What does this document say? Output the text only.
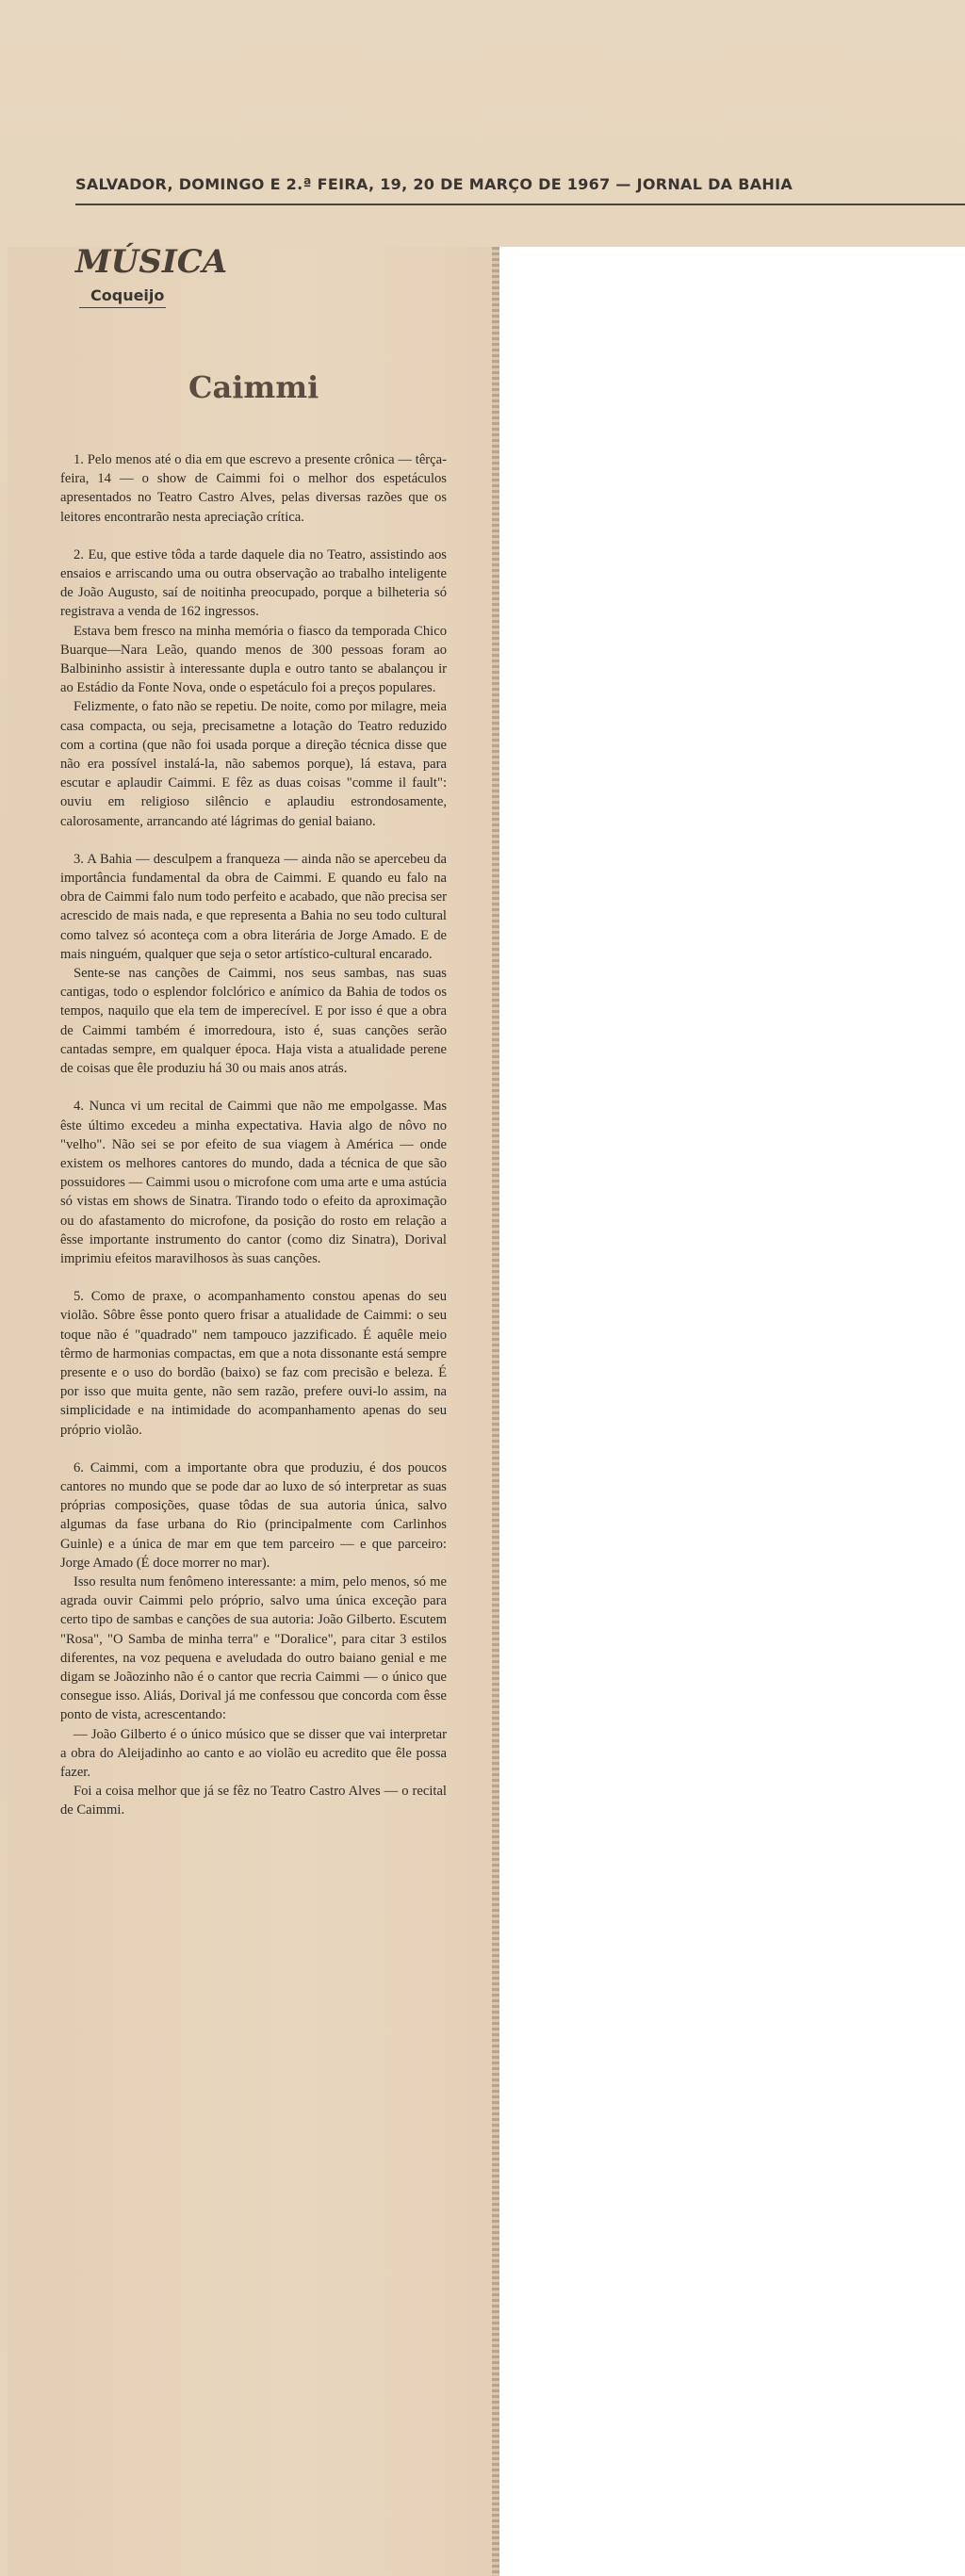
SALVADOR, DOMINGO E 2.ª FEIRA, 19, 20 DE MARÇO DE 1967 — JORNAL DA BAHIA
MÚSICA
Coqueijo
Caimmi

1. Pelo menos até o dia em que escrevo a presente crônica — têrça-feira, 14 — o show de Caimmi foi o melhor dos espetáculos apresentados no Teatro Castro Alves, pelas diversas razões que os leitores encontrarão nesta apreciação crítica.

2. Eu, que estive tôda a tarde daquele dia no Teatro, assistindo aos ensaios e arriscando uma ou outra observação ao trabalho inteligente de João Augusto, saí de noitinha preocupado, porque a bilheteria só registrava a venda de 162 ingressos.

Estava bem fresco na minha memória o fiasco da temporada Chico Buarque—Nara Leão, quando menos de 300 pessoas foram ao Balbininho assistir à interessante dupla e outro tanto se abalançou ir ao Estádio da Fonte Nova, onde o espetáculo foi a preços populares.

Felizmente, o fato não se repetiu. De noite, como por milagre, meia casa compacta, ou seja, precisametne a lotação do Teatro reduzido com a cortina (que não foi usada porque a direção técnica disse que não era possível instalá-la, não sabemos porque), lá estava, para escutar e aplaudir Caimmi. E fêz as duas coisas "comme il fault": ouviu em religioso silêncio e aplaudiu estrondosamente, calorosamente, arrancando até lágrimas do genial baiano.

3. A Bahia — desculpem a franqueza — ainda não se apercebeu da importância fundamental da obra de Caimmi. E quando eu falo na obra de Caimmi falo num todo perfeito e acabado, que não precisa ser acrescido de mais nada, e que representa a Bahia no seu todo cultural como talvez só aconteça com a obra literária de Jorge Amado. E de mais ninguém, qualquer que seja o setor artístico-cultural encarado.

Sente-se nas canções de Caimmi, nos seus sambas, nas suas cantigas, todo o esplendor folclórico e anímico da Bahia de todos os tempos, naquilo que ela tem de imperecível. E por isso é que a obra de Caimmi também é imorredoura, isto é, suas canções serão cantadas sempre, em qualquer época. Haja vista a atualidade perene de coisas que êle produziu há 30 ou mais anos atrás.

4. Nunca vi um recital de Caimmi que não me empolgasse. Mas êste último excedeu a minha expectativa. Havia algo de nôvo no "velho". Não sei se por efeito de sua viagem à América — onde existem os melhores cantores do mundo, dada a técnica de que são possuidores — Caimmi usou o microfone com uma arte e uma astúcia só vistas em shows de Sinatra. Tirando todo o efeito da aproximação ou do afastamento do microfone, da posição do rosto em relação a êsse importante instrumento do cantor (como diz Sinatra), Dorival imprimiu efeitos maravilhosos às suas canções.

5. Como de praxe, o acompanhamento constou apenas do seu violão. Sôbre êsse ponto quero frisar a atualidade de Caimmi: o seu toque não é "quadrado" nem tampouco jazzificado. É aquêle meio têrmo de harmonias compactas, em que a nota dissonante está sempre presente e o uso do bordão (baixo) se faz com precisão e beleza. É por isso que muita gente, não sem razão, prefere ouvi-lo assim, na simplicidade e na intimidade do acompanhamento apenas do seu próprio violão.

6. Caimmi, com a importante obra que produziu, é dos poucos cantores no mundo que se pode dar ao luxo de só interpretar as suas próprias composições, quase tôdas de sua autoria única, salvo algumas da fase urbana do Rio (principalmente com Carlinhos Guinle) e a única de mar em que tem parceiro — e que parceiro: Jorge Amado (É doce morrer no mar).

Isso resulta num fenômeno interessante: a mim, pelo menos, só me agrada ouvir Caimmi pelo próprio, salvo uma única exceção para certo tipo de sambas e canções de sua autoria: João Gilberto. Escutem "Rosa", "O Samba de minha terra" e "Doralice", para citar 3 estilos diferentes, na voz pequena e aveludada do outro baiano genial e me digam se Joãozinho não é o cantor que recria Caimmi — o único que consegue isso. Aliás, Dorival já me confessou que concorda com êsse ponto de vista, acrescentando:

— João Gilberto é o único músico que se disser que vai interpretar a obra do Aleijadinho ao canto e ao violão eu acredito que êle possa fazer.

Foi a coisa melhor que já se fêz no Teatro Castro Alves — o recital de Caimmi.
